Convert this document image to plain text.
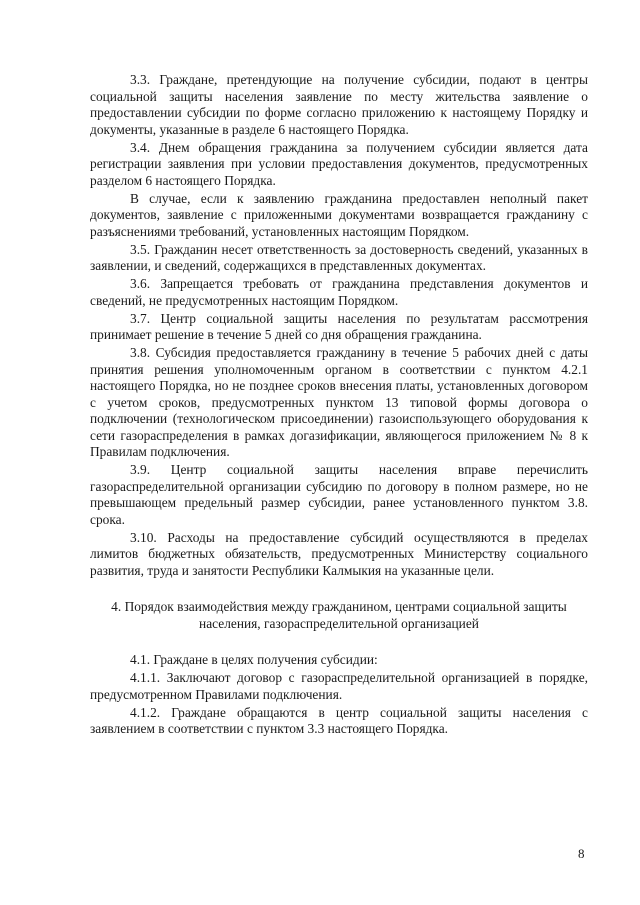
3.3. Граждане, претендующие на получение субсидии, подают в центры социальной защиты населения заявление по месту жительства заявление о предоставлении субсидии по форме согласно приложению к настоящему Порядку и документы, указанные в разделе 6 настоящего Порядка.

3.4. Днем обращения гражданина за получением субсидии является дата регистрации заявления при условии предоставления документов, предусмотренных разделом 6 настоящего Порядка.

В случае, если к заявлению гражданина предоставлен неполный пакет документов, заявление с приложенными документами возвращается гражданину с разъяснениями требований, установленных настоящим Порядком.

3.5. Гражданин несет ответственность за достоверность сведений, указанных в заявлении, и сведений, содержащихся в представленных документах.

3.6. Запрещается требовать от гражданина представления документов и сведений, не предусмотренных настоящим Порядком.

3.7. Центр социальной защиты населения по результатам рассмотрения принимает решение в течение 5 дней со дня обращения гражданина.

3.8. Субсидия предоставляется гражданину в течение 5 рабочих дней с даты принятия решения уполномоченным органом в соответствии с пунктом 4.2.1 настоящего Порядка, но не позднее сроков внесения платы, установленных договором с учетом сроков, предусмотренных пунктом 13 типовой формы договора о подключении (технологическом присоединении) газоиспользующего оборудования к сети газораспределения в рамках догазификации, являющегося приложением № 8 к Правилам подключения.

3.9. Центр социальной защиты населения вправе перечислить газораспределительной организации субсидию по договору в полном размере, но не превышающем предельный размер субсидии, ранее установленного пунктом 3.8. срока.

3.10. Расходы на предоставление субсидий осуществляются в пределах лимитов бюджетных обязательств, предусмотренных Министерству социального развития, труда и занятости Республики Калмыкия на указанные цели.

4. Порядок взаимодействия между гражданином, центрами социальной защиты населения, газораспределительной организацией

4.1. Граждане в целях получения субсидии:

4.1.1. Заключают договор с газораспределительной организацией в порядке, предусмотренном Правилами подключения.

4.1.2. Граждане обращаются в центр социальной защиты населения с заявлением в соответствии с пунктом 3.3 настоящего Порядка.

8
